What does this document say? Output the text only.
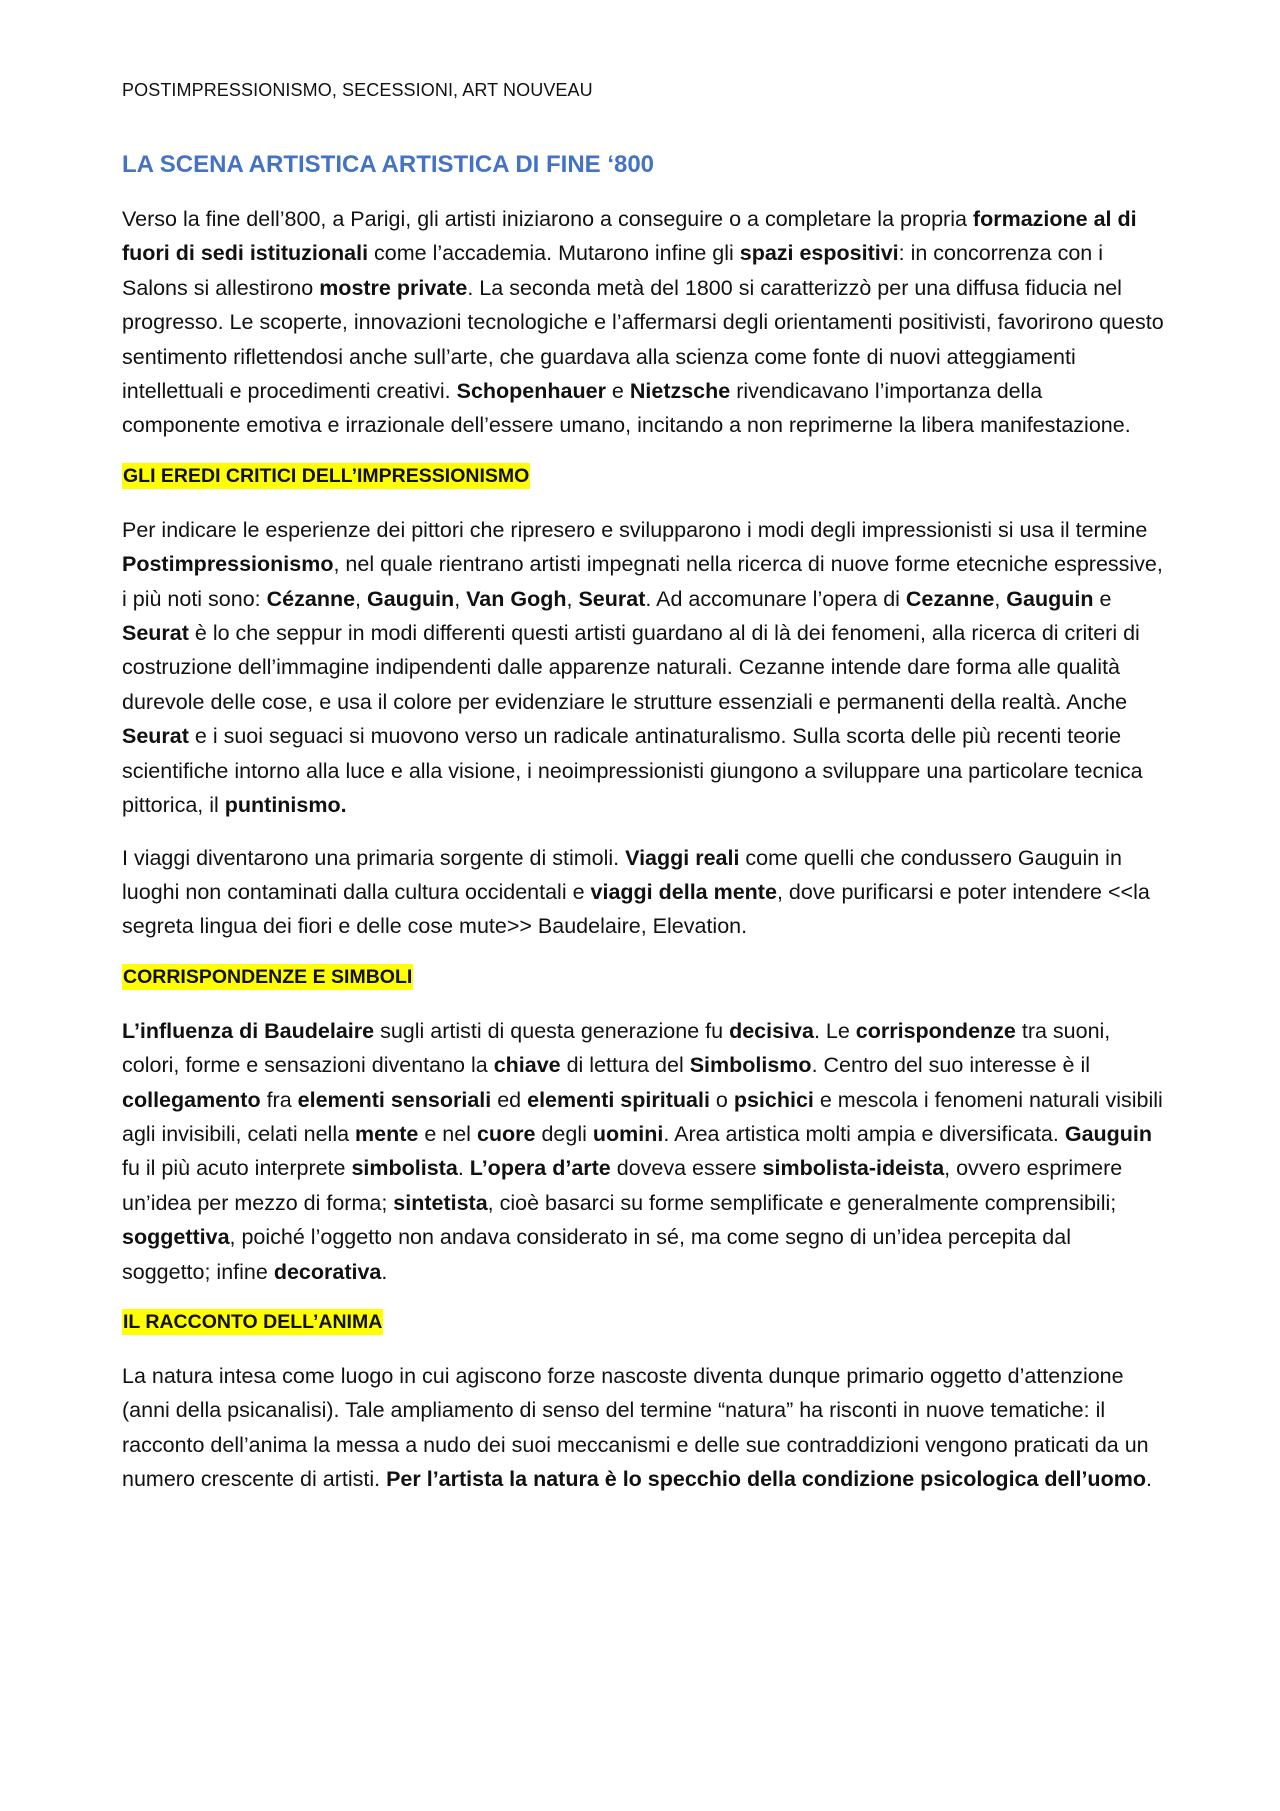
POSTIMPRESSIONISMO, SECESSIONI, ART NOUVEAU
LA SCENA ARTISTICA ARTISTICA DI FINE ‘800

Verso la fine dell’800, a Parigi, gli artisti iniziarono a conseguire o a completare la propria formazione al di fuori di sedi istituzionali come l’accademia. Mutarono infine gli spazi espositivi: in concorrenza con i Salons si allestirono mostre private. La seconda metà del 1800 si caratterizzò per una diffusa fiducia nel progresso. Le scoperte, innovazioni tecnologiche e l’affermarsi degli orientamenti positivisti, favorirono questo sentimento riflettendosi anche sull’arte, che guardava alla scienza come fonte di nuovi atteggiamenti intellettuali e procedimenti creativi. Schopenhauer e Nietzsche rivendicavano l’importanza della componente emotiva e irrazionale dell’essere umano, incitando a non reprimerne la libera manifestazione.

GLI EREDI CRITICI DELL’IMPRESSIONISMO

Per indicare le esperienze dei pittori che ripresero e svilupparono i modi degli impressionisti si usa il termine Postimpressionismo, nel quale rientrano artisti impegnati nella ricerca di nuove forme etecniche espressive, i più noti sono: Cézanne, Gauguin, Van Gogh, Seurat. Ad accomunare l’opera di Cezanne, Gauguin e Seurat è lo che seppur in modi differenti questi artisti guardano al di là dei fenomeni, alla ricerca di criteri di costruzione dell’immagine indipendenti dalle apparenze naturali. Cezanne intende dare forma alle qualità durevole delle cose, e usa il colore per evidenziare le strutture essenziali e permanenti della realtà. Anche Seurat e i suoi seguaci si muovono verso un radicale antinaturalismo. Sulla scorta delle più recenti teorie scientifiche intorno alla luce e alla visione, i neoimpressionisti giungono a sviluppare una particolare tecnica pittorica, il puntinismo.

I viaggi diventarono una primaria sorgente di stimoli. Viaggi reali come quelli che condussero Gauguin in luoghi non contaminati dalla cultura occidentali e viaggi della mente, dove purificarsi e poter intendere <<la segreta lingua dei fiori e delle cose mute>> Baudelaire, Elevation.

CORRISPONDENZE E SIMBOLI

L’influenza di Baudelaire sugli artisti di questa generazione fu decisiva. Le corrispondenze tra suoni, colori, forme e sensazioni diventano la chiave di lettura del Simbolismo. Centro del suo interesse è il collegamento fra elementi sensoriali ed elementi spirituali o psichici e mescola i fenomeni naturali visibili agli invisibili, celati nella mente e nel cuore degli uomini. Area artistica molti ampia e diversificata. Gauguin fu il più acuto interprete simbolista. L’opera d’arte doveva essere simbolista-ideista, ovvero esprimere un’idea per mezzo di forma; sintetista, cioè basarci su forme semplificate e generalmente comprensibili; soggettiva, poiché l’oggetto non andava considerato in sé, ma come segno di un’idea percepita dal soggetto; infine decorativa.

IL RACCONTO DELL’ANIMA

La natura intesa come luogo in cui agiscono forze nascoste diventa dunque primario oggetto d’attenzione (anni della psicanalisi). Tale ampliamento di senso del termine “natura” ha risconti in nuove tematiche: il racconto dell’anima la messa a nudo dei suoi meccanismi e delle sue contraddizioni vengono praticati da un numero crescente di artisti. Per l’artista la natura è lo specchio della condizione psicologica dell’uomo.
